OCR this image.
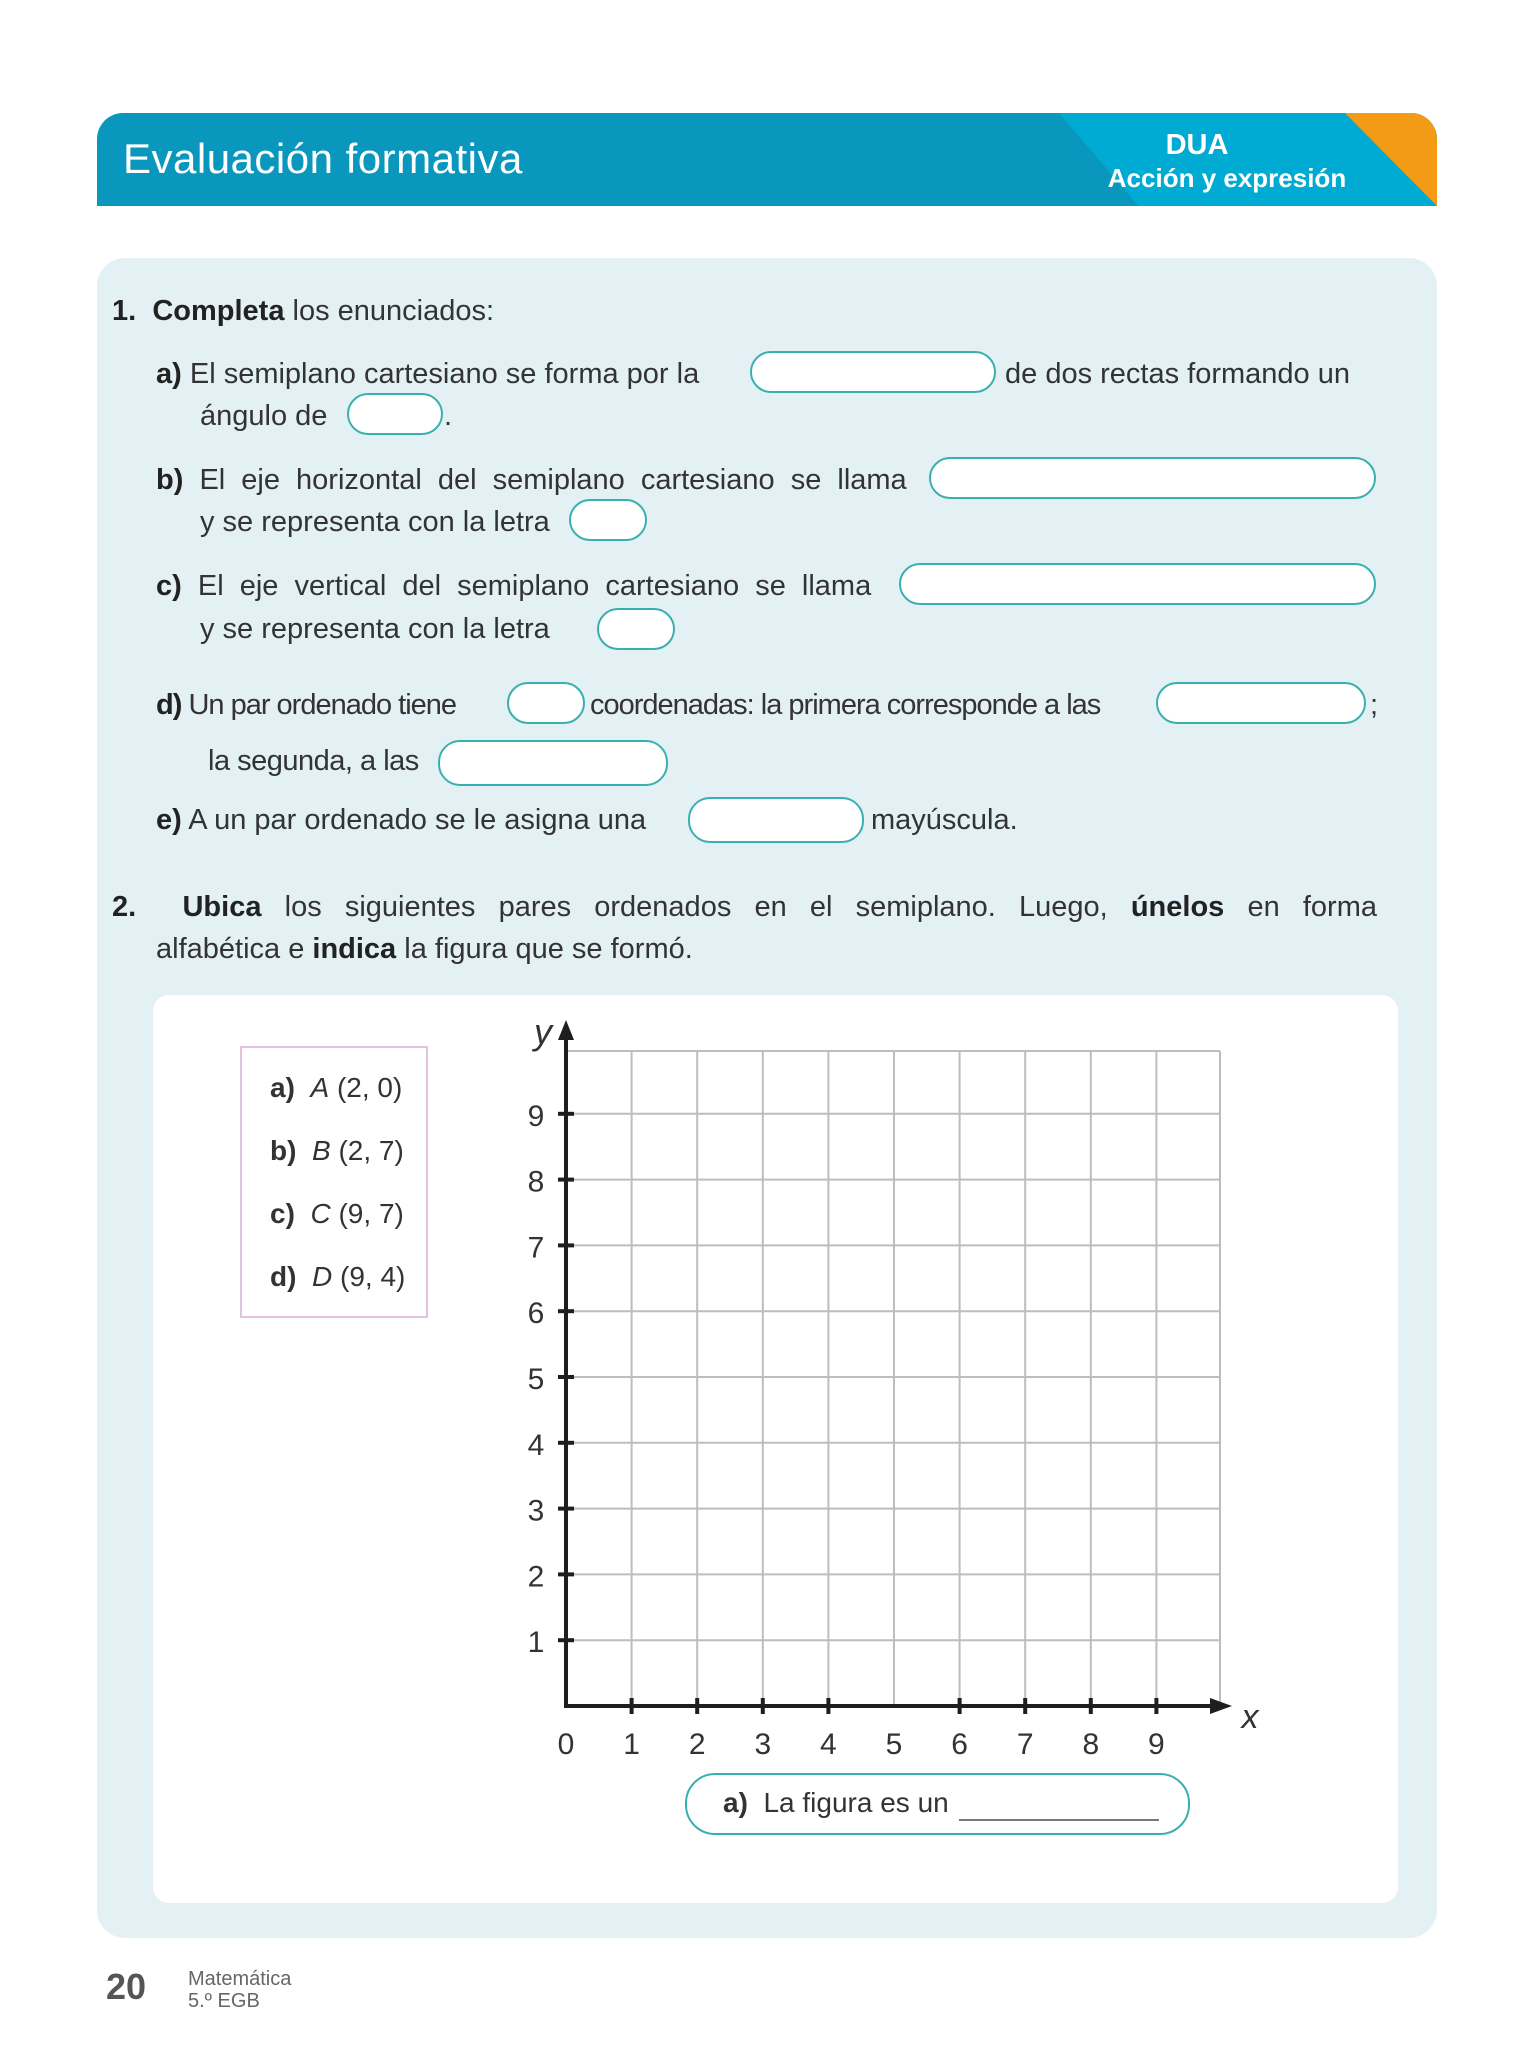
Evaluación formativa	DUA
Acción y expresión
1. Completa los enunciados:
a) El semiplano cartesiano se forma por la	de dos rectas formando un
ángulo de	.
b) El eje horizontal del semiplano cartesiano se llama
y se representa con la letra
c) El eje vertical del semiplano cartesiano se llama
y se representa con la letra
d) Un par ordenado tiene	coordenadas: la primera corresponde a las	;
la segunda, a las
e) A un par ordenado se le asigna una	mayúscula.
2. Ubica los siguientes pares ordenados en el semiplano. Luego, únelos en forma
alfabética e indica la figura que se formó.
a) A (2, 0)
b) B (2, 7)
c) C (9, 7)
d) D (9, 4)
0 1 2 3 4 5 6 7 8 9
1
2
3
4
5
6
7
8
9
x
y
a) La figura es un
20 Matemática
5.º EGB
